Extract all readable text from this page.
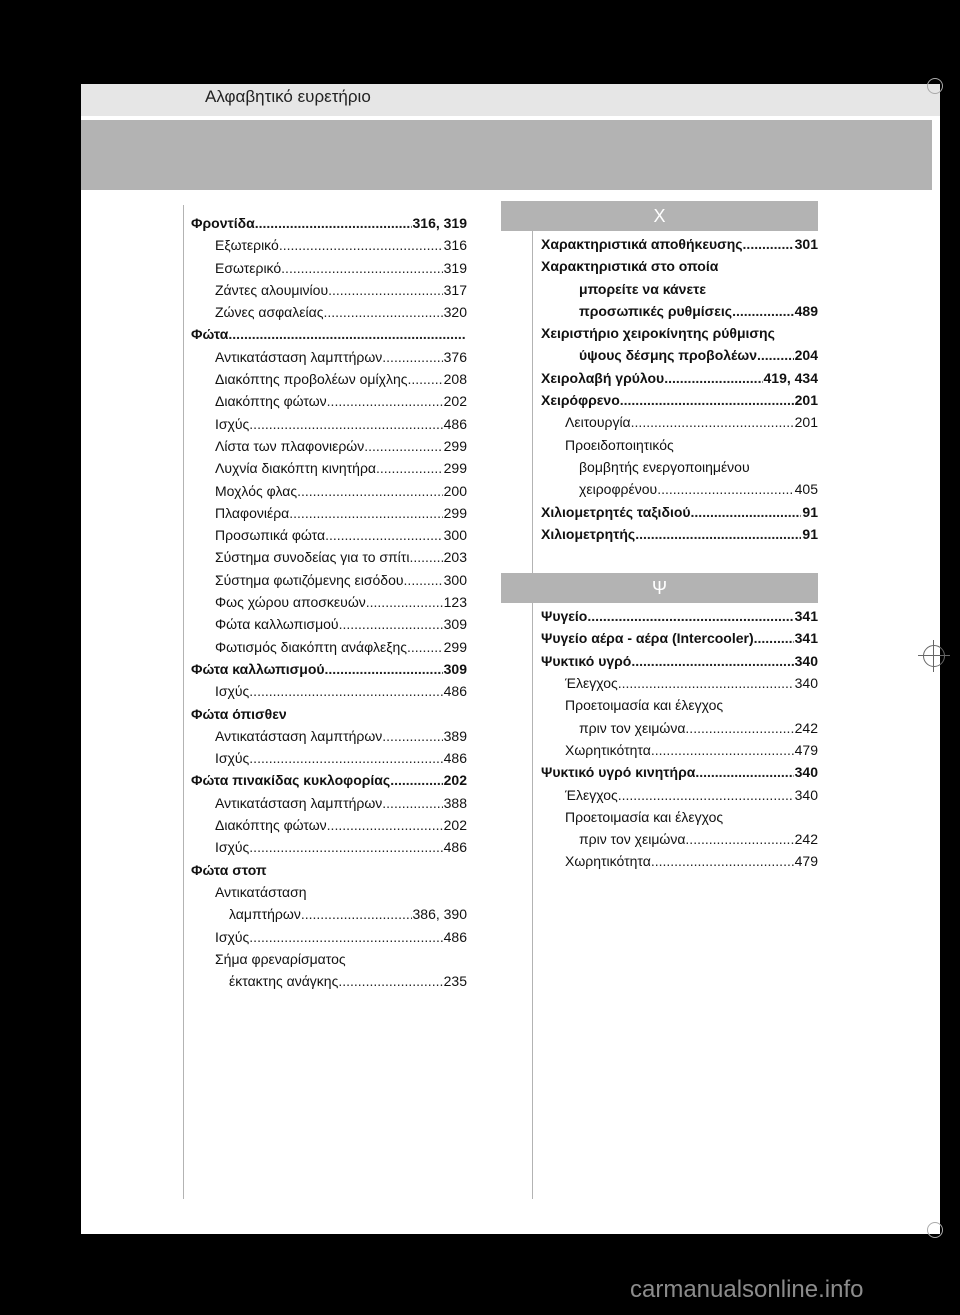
Αλφαβητικό ευρετήριο
Φροντίδα .....	316, 319
Εξωτερικό .....	316
Εσωτερικό .....	319
Ζάντες αλουμινίου .....	317
Ζώνες ασφαλείας .....	320
Φώτα
.....
Αντικατάσταση λαμπτήρων .....	376
Διακόπτης προβολέων ομίχλης .....	208
Διακόπτης φώτων .....	202
Ισχύς .....	486
Λίστα των πλαφονιερών .....	299
Λυχνία διακόπτη κινητήρα .....	299
Μοχλός φλας .....	200
Πλαφονιέρα .....	299
Προσωπικά φώτα .....	300
Σύστημα συνοδείας για το σπίτι ..... 203
Σύστημα φωτιζόμενης εισόδου .....	300
Φως χώρου αποσκευών .....	123
Φώτα καλλωπισμού .....	309
Φωτισμός διακόπτη ανάφλεξης .....	299
Φώτα καλλωπισμού .....	309
Ισχύς .....	486
Φώτα όπισθεν
Αντικατάσταση λαμπτήρων .....	389
Ισχύς .....	486
Φώτα πινακίδας κυκλοφορίας .....	202
Αντικατάσταση λαμπτήρων .....	388
Διακόπτης φώτων .....	202
Ισχύς .....	486
Φώτα στοπ
Αντικατάσταση
λαμπτήρων .....	386, 390
Ισχύς .....	486
Σήμα φρεναρίσματος
έκτακτης ανάγκης .....	235
Χ
Χαρακτηριστικά αποθήκευσης .....	301
Χαρακτηριστικά στο οποία
μπορείτε να κάνετε
προσωπικές ρυθμίσεις .....	489
Χειριστήριο χειροκίνητης ρύθμισης
ύψους δέσμης προβολέων .....	204
Χειρολαβή γρύλου .....	419, 434
Χειρόφρενο .....	201
Λειτουργία .....	201
Προειδοποιητικός
βομβητής ενεργοποιημένου
χειροφρένου .....	405
Χιλιομετρητές ταξιδιού .....	91
Χιλιομετρητής .....	91
Ψ
Ψυγείο .....	341
Ψυγείο αέρα - αέρα (Intercooler) .....	341
Ψυκτικό υγρό .....	340
Έλεγχος .....	340
Προετοιμασία και έλεγχος
πριν τον χειμώνα .....	242
Χωρητικότητα .....	479
Ψυκτικό υγρό κινητήρα .....	340
Έλεγχος .....	340
Προετοιμασία και έλεγχος
πριν τον χειμώνα .....	242
Χωρητικότητα .....	479
carmanualsonline.info
